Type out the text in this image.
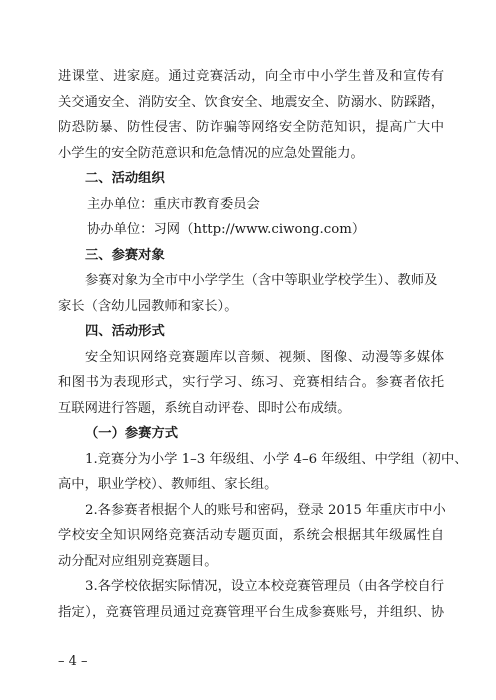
进课堂、进家庭。通过竞赛活动，向全市中小学生普及和宣传有
关交通安全、消防安全、饮食安全、地震安全、防溺水、防踩踏，
防恐防暴、防性侵害、防诈骗等网络安全防范知识，提高广大中
小学生的安全防范意识和危急情况的应急处置能力。
二、活动组织
主办单位：重庆市教育委员会
协办单位：习网（http://www.ciwong.com）
三、参赛对象
参赛对象为全市中小学学生（含中等职业学校学生）、教师及
家长（含幼儿园教师和家长）。
四、活动形式
安全知识网络竞赛题库以音频、视频、图像、动漫等多媒体
和图书为表现形式，实行学习、练习、竞赛相结合。参赛者依托
互联网进行答题，系统自动评卷、即时公布成绩。
（一）参赛方式
1.竞赛分为小学 1–3 年级组、小学 4–6 年级组、中学组（初中、
高中，职业学校）、教师组、家长组。
2.各参赛者根据个人的账号和密码，登录 2015 年重庆市中小
学校安全知识网络竞赛活动专题页面，系统会根据其年级属性自
动分配对应组别竞赛题目。
3.各学校依据实际情况，设立本校竞赛管理员（由各学校自行
指定），竞赛管理员通过竞赛管理平台生成参赛账号，并组织、协
– 4 –
